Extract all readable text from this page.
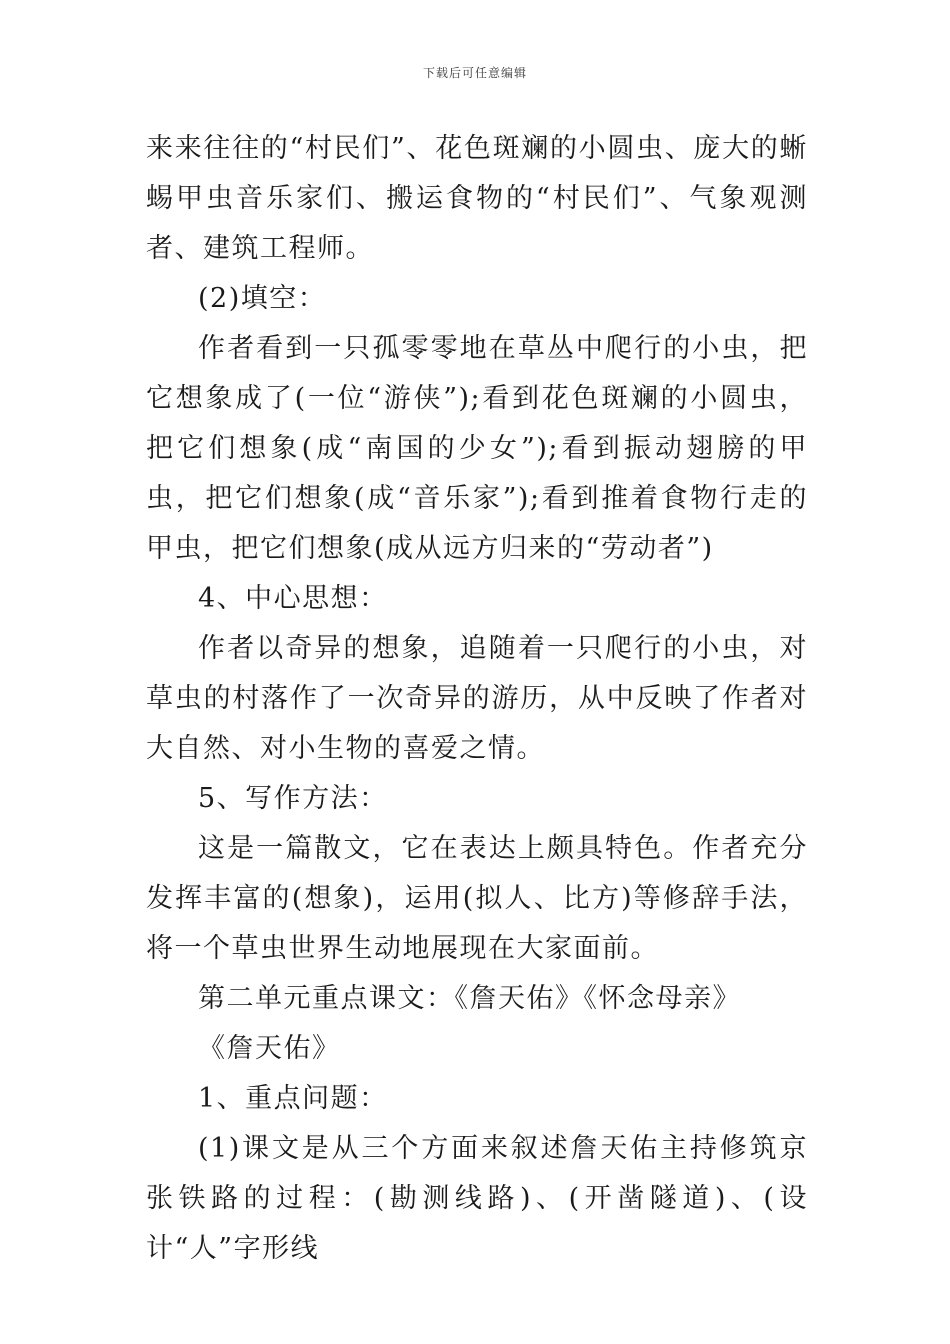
下载后可任意编辑

来来往往的“村民们”、花色斑斓的小圆虫、庞大的蜥蜴甲虫音乐家们、搬运食物的“村民们”、气象观测者、建筑工程师。

(2)填空：

作者看到一只孤零零地在草丛中爬行的小虫，把它想象成了(一位“游侠”);看到花色斑斓的小圆虫，把它们想象(成“南国的少女”);看到振动翅膀的甲虫，把它们想象(成“音乐家”);看到推着食物行走的甲虫，把它们想象(成从远方归来的“劳动者”)

4、中心思想：

作者以奇异的想象，追随着一只爬行的小虫，对草虫的村落作了一次奇异的游历，从中反映了作者对大自然、对小生物的喜爱之情。

5、写作方法：

这是一篇散文，它在表达上颇具特色。作者充分发挥丰富的(想象)，运用(拟人、比方)等修辞手法，将一个草虫世界生动地展现在大家面前。

第二单元重点课文：《詹天佑》《怀念母亲》

《詹天佑》

1、重点问题：

(1)课文是从三个方面来叙述詹天佑主持修筑京张铁路的过程：(勘测线路)、(开凿隧道)、(设计“人”字形线
